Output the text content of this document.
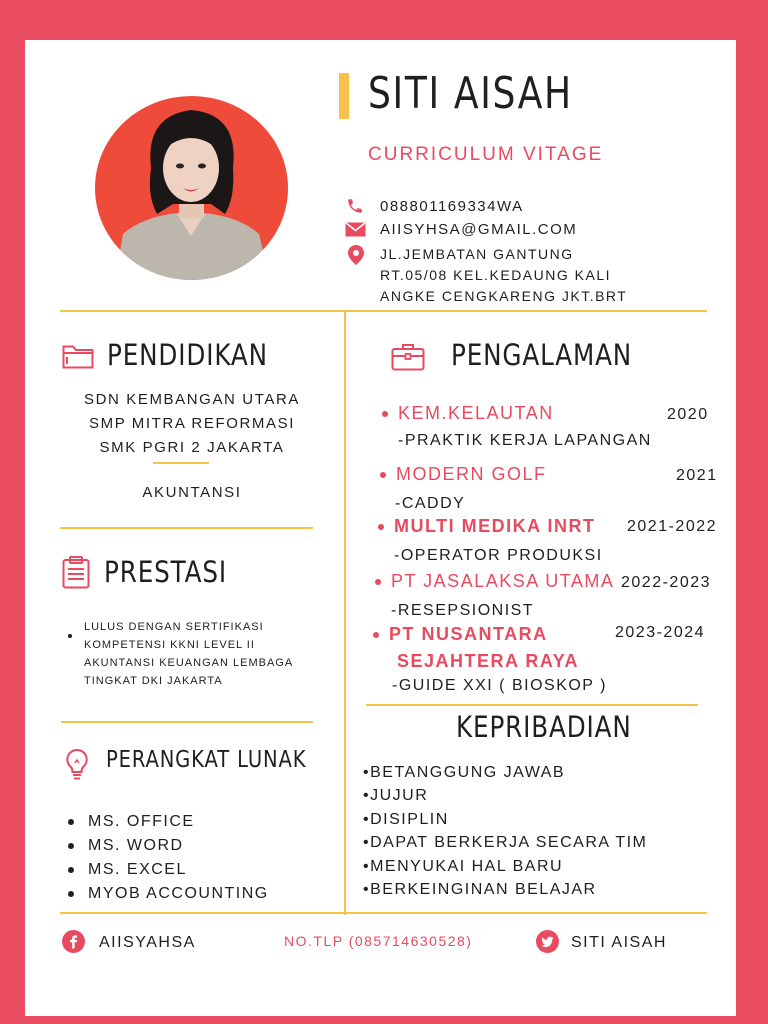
SITI AISAH
CURRICULUM VITAGE
088801169334WA
AIISYHSA@GMAIL.COM
JL.JEMBATAN GANTUNG
RT.05/08 KEL.KEDAUNG KALI
ANGKE CENGKARENG JKT.BRT
PENDIDIKAN
SDN KEMBANGAN UTARA
SMP MITRA REFORMASI
SMK PGRI 2 JAKARTA
AKUNTANSI
PRESTASI
LULUS DENGAN SERTIFIKASI KOMPETENSI KKNI LEVEL II AKUNTANSI KEUANGAN LEMBAGA TINGKAT DKI JAKARTA
PERANGKAT LUNAK
MS. OFFICE
MS. WORD
MS. EXCEL
MYOB ACCOUNTING
PENGALAMAN
KEM.KELAUTAN	2020
-PRAKTIK KERJA LAPANGAN
MODERN GOLF	2021
-CADDY
MULTI MEDIKA INRT 2021-2022
-OPERATOR PRODUKSI
PT JASALAKSA UTAMA 2022-2023
-RESEPSIONIST
PT NUSANTARA
SEJAHTERA RAYA
2023-2024
-GUIDE XXI ( BIOSKOP )
KEPRIBADIAN
•BETANGGUNG JAWAB
•JUJUR
•DISIPLIN
•DAPAT BERKERJA SECARA TIM
•MENYUKAI HAL BARU
•BERKEINGINAN BELAJAR
AIISYAHSA	NO.TLP (085714630528)	SITI AISAH
